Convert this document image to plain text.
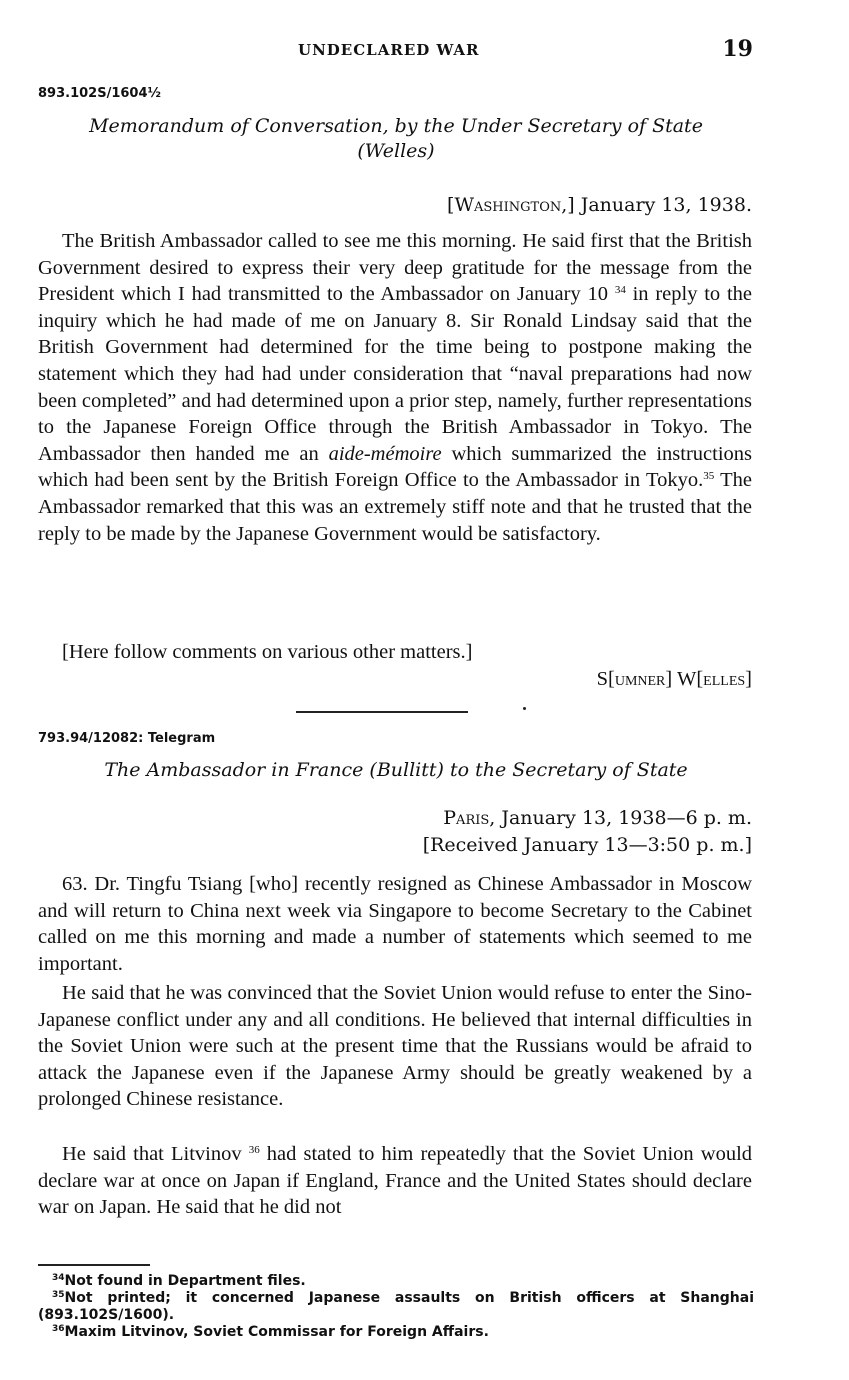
UNDECLARED WAR	19
893.102S/1604½
Memorandum of Conversation, by the Under Secretary of State
(Welles)
[Washington,] January 13, 1938.

The British Ambassador called to see me this morning. He said first that the British Government desired to express their very deep gratitude for the message from the President which I had transmitted to the Ambassador on January 10 $^{34}$ in reply to the inquiry which he had made of me on January 8. Sir Ronald Lindsay said that the British Government had determined for the time being to postpone making the statement which they had had under consideration that “naval preparations had now been completed” and had determined upon a prior step, namely, further representations to the Japanese Foreign Office through the British Ambassador in Tokyo. The Ambassador then handed me an aide-mémoire which summarized the instructions which had been sent by the British Foreign Office to the Ambassador in Tokyo.$^{35}$ The Ambassador remarked that this was an extremely stiff note and that he trusted that the reply to be made by the Japanese Government would be satisfactory.

[Here follow comments on various other matters.]

S[umner] W[elles]
793.94/12082: Telegram
The Ambassador in France (Bullitt) to the Secretary of State
Paris, January 13, 1938—6 p. m.
[Received January 13—3:50 p. m.]

63. Dr. Tingfu Tsiang [who] recently resigned as Chinese Ambassador in Moscow and will return to China next week via Singapore to become Secretary to the Cabinet called on me this morning and made a number of statements which seemed to me important.

He said that he was convinced that the Soviet Union would refuse to enter the Sino-Japanese conflict under any and all conditions. He believed that internal difficulties in the Soviet Union were such at the present time that the Russians would be afraid to attack the Japanese even if the Japanese Army should be greatly weakened by a prolonged Chinese resistance.

He said that Litvinov $^{36}$ had stated to him repeatedly that the Soviet Union would declare war at once on Japan if England, France and the United States should declare war on Japan. He said that he did not

$^{34}$Not found in Department files.

$^{35}$Not printed; it concerned Japanese assaults on British officers at Shanghai (893.102S/1600).

$^{36}$Maxim Litvinov, Soviet Commissar for Foreign Affairs.
